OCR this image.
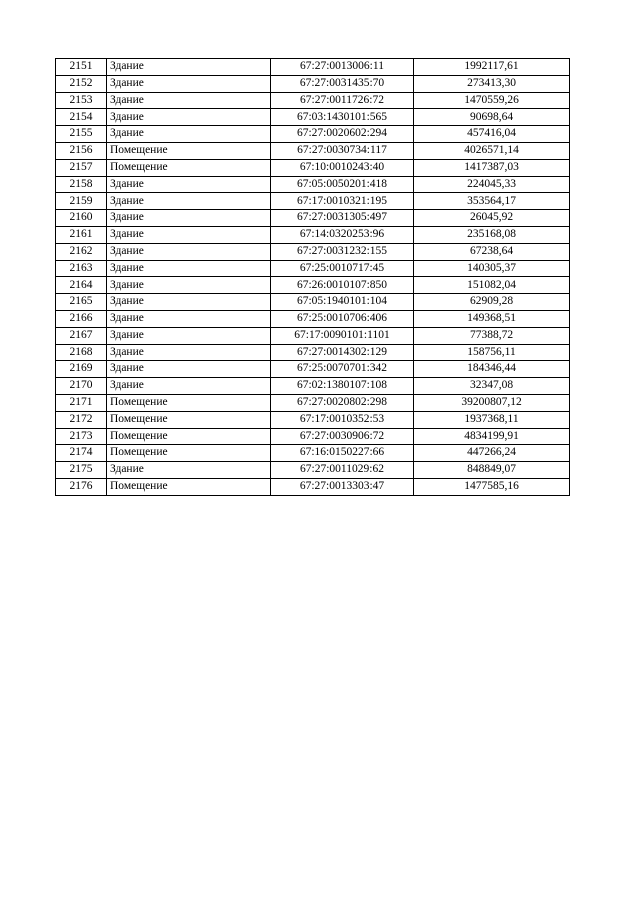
2151	Здание	67:27:0013006:11	1992117,61
2152	Здание	67:27:0031435:70	273413,30
2153	Здание	67:27:0011726:72	1470559,26
2154	Здание	67:03:1430101:565	90698,64
2155	Здание	67:27:0020602:294	457416,04
2156	Помещение	67:27:0030734:117	4026571,14
2157	Помещение	67:10:0010243:40	1417387,03
2158	Здание	67:05:0050201:418	224045,33
2159	Здание	67:17:0010321:195	353564,17
2160	Здание	67:27:0031305:497	26045,92
2161	Здание	67:14:0320253:96	235168,08
2162	Здание	67:27:0031232:155	67238,64
2163	Здание	67:25:0010717:45	140305,37
2164	Здание	67:26:0010107:850	151082,04
2165	Здание	67:05:1940101:104	62909,28
2166	Здание	67:25:0010706:406	149368,51
2167	Здание	67:17:0090101:1101	77388,72
2168	Здание	67:27:0014302:129	158756,11
2169	Здание	67:25:0070701:342	184346,44
2170	Здание	67:02:1380107:108	32347,08
2171	Помещение	67:27:0020802:298	39200807,12
2172	Помещение	67:17:0010352:53	1937368,11
2173	Помещение	67:27:0030906:72	4834199,91
2174	Помещение	67:16:0150227:66	447266,24
2175	Здание	67:27:0011029:62	848849,07
2176	Помещение	67:27:0013303:47	1477585,16
